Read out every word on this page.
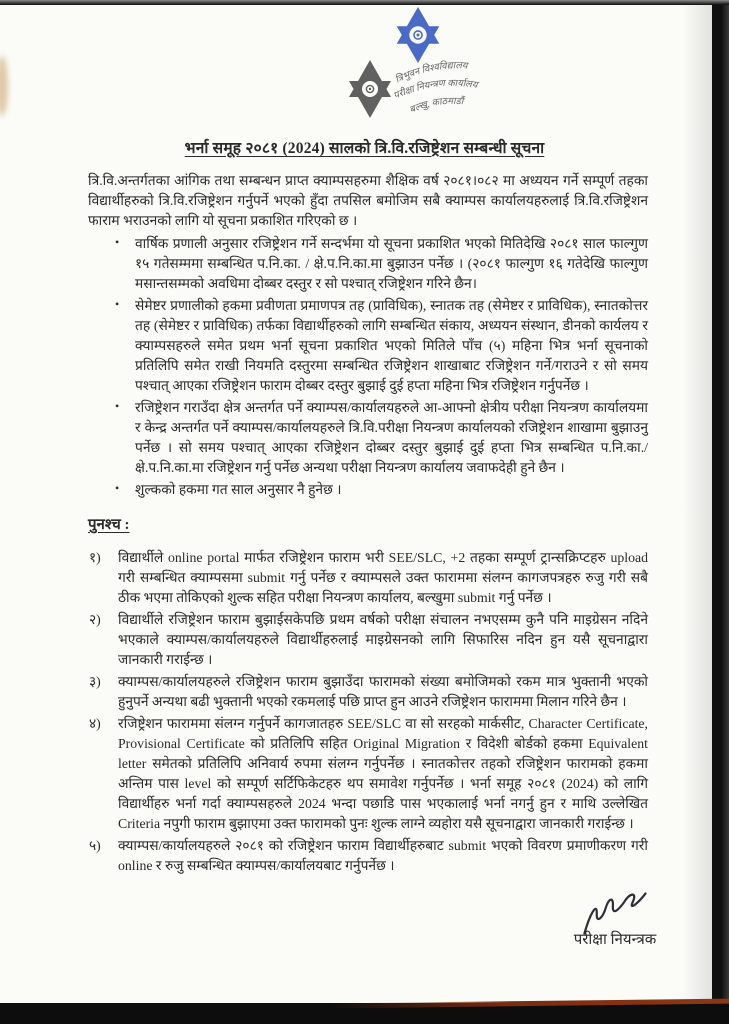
त्रिभुवन विश्वविद्यालय
परीक्षा नियन्त्रण कार्यालय
बल्खु, काठमाडौं
भर्ना समूह २०८१ (2024) सालको त्रि.वि.रजिष्ट्रेशन सम्बन्धी सूचना

त्रि.वि.अन्तर्गतका आंगिक तथा सम्बन्धन प्राप्त क्याम्पसहरुमा शैक्षिक वर्ष २०८१।०८२ मा अध्ययन गर्ने सम्पूर्ण तहका विद्यार्थीहरुको त्रि.वि.रजिष्ट्रेशन गर्नुपर्ने भएको हुँदा तपसिल बमोजिम सबै क्याम्पस कार्यालयहरुलाई त्रि.वि.रजिष्ट्रेशन फाराम भराउनको लागि यो सूचना प्रकाशित गरिएको छ ।

• वार्षिक प्रणाली अनुसार रजिष्ट्रेशन गर्ने सन्दर्भमा यो सूचना प्रकाशित भएको मितिदेखि २०८१ साल फाल्गुण १५ गतेसम्ममा सम्बन्धित प.नि.का. / क्षे.प.नि.का.मा बुझाउन पर्नेछ । (२०८१ फाल्गुण १६ गतेदेखि फाल्गुण मसान्तसम्मको अवधिमा दोब्बर दस्तुर र सो पश्चात् रजिष्ट्रेशन गरिने छैन।
• सेमेष्टर प्रणालीको हकमा प्रवीणता प्रमाणपत्र तह (प्राविधिक), स्नातक तह (सेमेष्टर र प्राविधिक), स्नातकोत्तर तह (सेमेष्टर र प्राविधिक) तर्फका विद्यार्थीहरुको लागि सम्बन्धित संकाय, अध्ययन संस्थान, डीनको कार्यलय र क्याम्पसहरुले समेत प्रथम भर्ना सूचना प्रकाशित भएको मितिले पाँच (५) महिना भित्र भर्ना सूचनाको प्रतिलिपि समेत राखी नियमति दस्तुरमा सम्बन्धित रजिष्ट्रेशन शाखाबाट रजिष्ट्रेशन गर्ने/गराउने र सो समय पश्चात् आएका रजिष्ट्रेशन फाराम दोब्बर दस्तुर बुझाई दुई हप्ता महिना भित्र रजिष्ट्रेशन गर्नुपर्नेछ ।
• रजिष्ट्रेशन गराउँदा क्षेत्र अन्तर्गत पर्ने क्याम्पस/कार्यालयहरुले आ-आफ्नो क्षेत्रीय परीक्षा नियन्त्रण कार्यालयमा र केन्द्र अन्तर्गत पर्ने क्याम्पस/कार्यालयहरुले त्रि.वि.परीक्षा नियन्त्रण कार्यालयको रजिष्ट्रेशन शाखामा बुझाउनु पर्नेछ । सो समय पश्चात् आएका रजिष्ट्रेशन दोब्बर दस्तुर बुझाई दुई हप्ता भित्र सम्बन्धित प.नि.का./क्षे.प.नि.का.मा रजिष्ट्रेशन गर्नु पर्नेछ अन्यथा परीक्षा नियन्त्रण कार्यालय जवाफदेही हुने छैन ।
• शुल्कको हकमा गत साल अनुसार नै हुनेछ ।
पुनश्च :
१) विद्यार्थीले online portal मार्फत रजिष्ट्रेशन फाराम भरी SEE/SLC, +2 तहका सम्पूर्ण ट्रान्सक्रिप्टहरु upload गरी सम्बन्धित क्याम्पसमा submit गर्नु पर्नेछ र क्याम्पसले उक्त फाराममा संलग्न कागजपत्रहरु रुजु गरी सबै ठीक भएमा तोकिएको शुल्क सहित परीक्षा नियन्त्रण कार्यालय, बल्खुमा submit गर्नु पर्नेछ ।
२) विद्यार्थीले रजिष्ट्रेशन फाराम बुझाईसकेपछि प्रथम वर्षको परीक्षा संचालन नभएसम्म कुनै पनि माइग्रेसन नदिने भएकाले क्याम्पस/कार्यालयहरुले विद्यार्थीहरुलाई माइग्रेसनको लागि सिफारिस नदिन हुन यसै सूचनाद्वारा जानकारी गराईन्छ ।
३) क्याम्पस/कार्यालयहरुले रजिष्ट्रेशन फाराम बुझाउँदा फारामको संख्या बमोजिमको रकम मात्र भुक्तानी भएको हुनुपर्ने अन्यथा बढी भुक्तानी भएको रकमलाई पछि प्राप्त हुन आउने रजिष्ट्रेशन फाराममा मिलान गरिने छैन ।
४) रजिष्ट्रेशन फाराममा संलग्न गर्नुपर्ने कागजातहरु SEE/SLC वा सो सरहको मार्कसीट, Character Certificate, Provisional Certificate को प्रतिलिपि सहित Original Migration र विदेशी बोर्डको हकमा Equivalent letter समेतको प्रतिलिपि अनिवार्य रुपमा संलग्न गर्नुपर्नेछ । स्नातकोत्तर तहको रजिष्ट्रेशन फारामको हकमा अन्तिम पास level को सम्पूर्ण सर्टिफिकेटहरु थप समावेश गर्नुपर्नेछ । भर्ना समूह २०८१ (2024) को लागि विद्यार्थीहरु भर्ना गर्दा क्याम्पसहरुले 2024 भन्दा पछाडि पास भएकालाई भर्ना नगर्नु हुन र माथि उल्लेखित Criteria नपुगी फाराम बुझाएमा उक्त फारामको पुनः शुल्क लाग्ने व्यहोरा यसै सूचनाद्वारा जानकारी गराईन्छ ।
५) क्याम्पस/कार्यालयहरुले २०८१ को रजिष्ट्रेशन फाराम विद्यार्थीहरुबाट submit भएको विवरण प्रमाणीकरण गरी online र रुजु सम्बन्धित क्याम्पस/कार्यालयबाट गर्नुपर्नेछ ।
परीक्षा नियन्त्रक
